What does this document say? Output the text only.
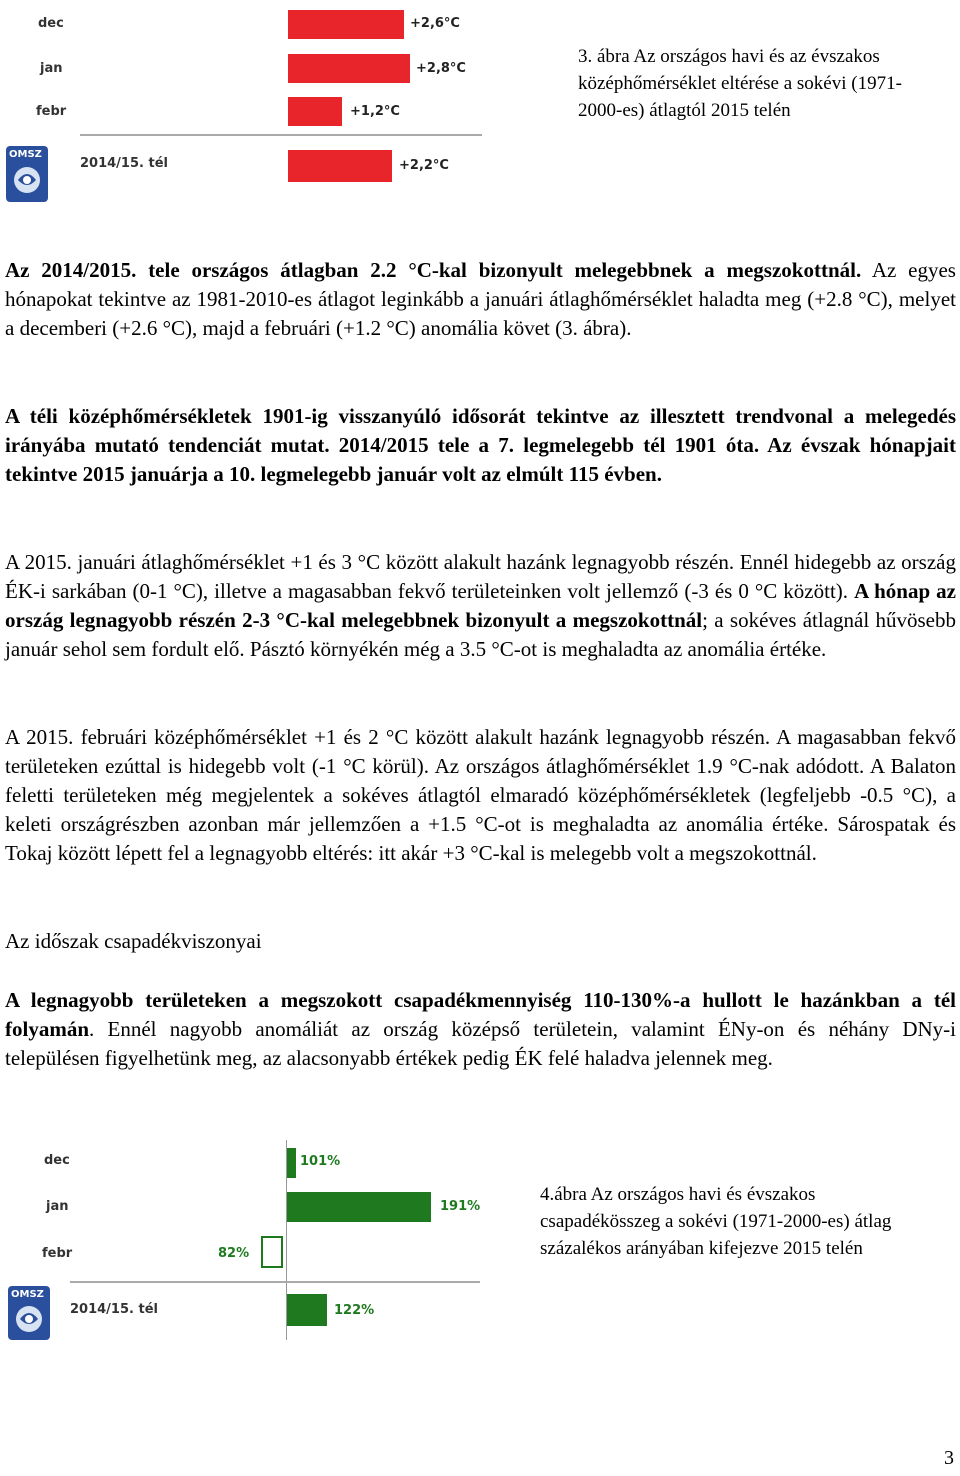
dec
jan
febr
+2,6°C
+2,8°C
+1,2°C
+2,2°C
OMSZ
2014/15. tél
3. ábra Az országos havi és az évszakos középhőmérséklet eltérése a sokévi (1971-2000-es) átlagtól 2015 telén

Az 2014/2015. tele országos átlagban 2.2 °C-kal bizonyult melegebbnek a megszokottnál. Az egyes hónapokat tekintve az 1981-2010-es átlagot leginkább a januári átlaghőmérséklet haladta meg (+2.8 °C), melyet a decemberi (+2.6 °C), majd a februári (+1.2 °C) anomália követ (3. ábra).

A téli középhőmérsékletek 1901-ig visszanyúló idősorát tekintve az illesztett trendvonal a melegedés irányába mutató tendenciát mutat. 2014/2015 tele a 7. legmelegebb tél 1901 óta. Az évszak hónapjait tekintve 2015 januárja a 10. legmelegebb január volt az elmúlt 115 évben.

A 2015. januári átlaghőmérséklet +1 és 3 °C között alakult hazánk legnagyobb részén. Ennél hidegebb az ország ÉK-i sarkában (0-1 °C), illetve a magasabban fekvő területeinken volt jellemző (-3 és 0 °C között). A hónap az ország legnagyobb részén 2-3 °C-kal melegebbnek bizonyult a megszokottnál; a sokéves átlagnál hűvösebb január sehol sem fordult elő. Pásztó környékén még a 3.5 °C-ot is meghaladta az anomália értéke.

A 2015. februári középhőmérséklet +1 és 2 °C között alakult hazánk legnagyobb részén. A magasabban fekvő területeken ezúttal is hidegebb volt (-1 °C körül). Az országos átlaghőmérséklet 1.9 °C-nak adódott. A Balaton feletti területeken még megjelentek a sokéves átlagtól elmaradó középhőmérsékletek (legfeljebb -0.5 °C), a keleti országrészben azonban már jellemzően a +1.5 °C-ot is meghaladta az anomália értéke. Sárospatak és Tokaj között lépett fel a legnagyobb eltérés: itt akár +3 °C-kal is melegebb volt a megszokottnál.

Az időszak csapadékviszonyai

A legnagyobb területeken a megszokott csapadékmennyiség 110-130%-a hullott le hazánkban a tél folyamán. Ennél nagyobb anomáliát az ország középső területein, valamint ÉNy-on és néhány DNy-i településen figyelhetünk meg, az alacsonyabb értékek pedig ÉK felé haladva jelennek meg.

dec
jan
febr
101%
191%
82%
122%
OMSZ
2014/15. tél
4.ábra Az országos havi és évszakos csapadékösszeg a sokévi (1971-2000-es) átlag százalékos arányában kifejezve 2015 telén
3
